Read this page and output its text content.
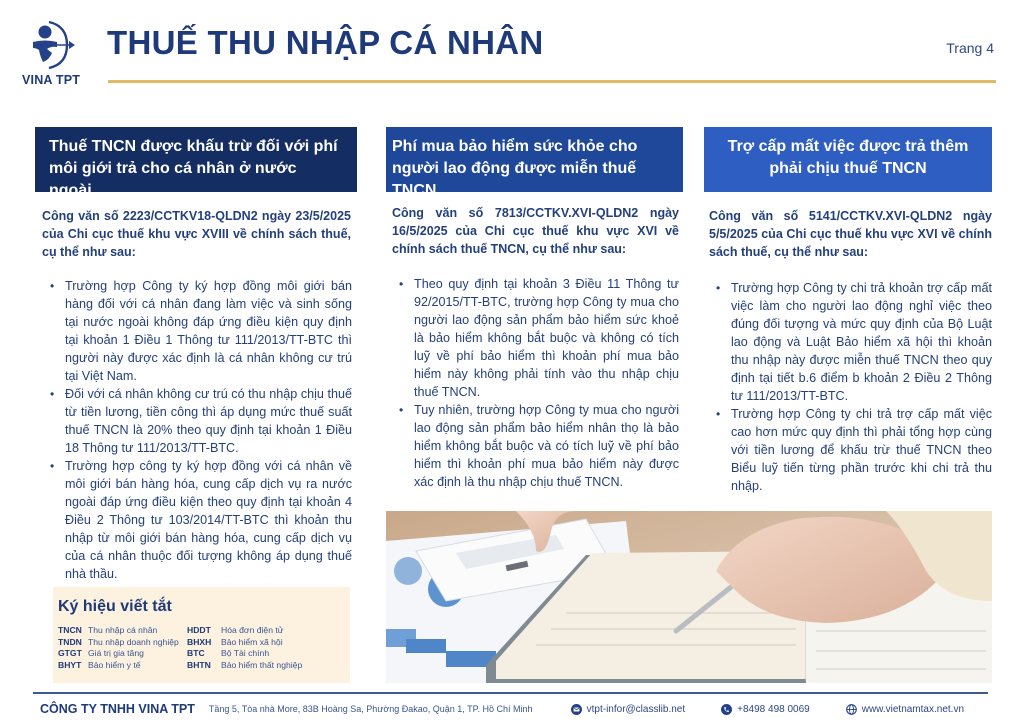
VINA TPT
THUẾ THU NHẬP CÁ NHÂN	Trang 4
Thuế TNCN được khấu trừ đối với phí môi giới trả cho cá nhân ở nước ngoài
Công văn số 2223/CCTKV18-QLDN2 ngày 23/5/2025 của Chi cục thuế khu vực XVIII về chính sách thuế, cụ thể như sau:
• Trường hợp Công ty ký hợp đồng môi giới bán hàng đối với cá nhân đang làm việc và sinh sống tại nước ngoài không đáp ứng điều kiện quy định tại khoản 1 Điều 1 Thông tư 111/2013/TT-BTC thì người này được xác định là cá nhân không cư trú tại Việt Nam.
• Đối với cá nhân không cư trú có thu nhập chịu thuế từ tiền lương, tiền công thì áp dụng mức thuế suất thuế TNCN là 20% theo quy định tại khoản 1 Điều 18 Thông tư 111/2013/TT-BTC.
• Trường hợp công ty ký hợp đồng với cá nhân về môi giới bán hàng hóa, cung cấp dịch vụ ra nước ngoài đáp ứng điều kiện theo quy định tại khoản 4 Điều 2 Thông tư 103/2014/TT-BTC thì khoản thu nhập từ môi giới bán hàng hóa, cung cấp dịch vụ của cá nhân thuộc đối tượng không áp dụng thuế nhà thầu.
Phí mua bảo hiểm sức khỏe cho người lao động được miễn thuế TNCN
Công văn số 7813/CCTKV.XVI-QLDN2 ngày 16/5/2025 của Chi cục thuế khu vực XVI về chính sách thuế TNCN, cụ thể như sau:
• Theo quy định tại khoản 3 Điều 11 Thông tư 92/2015/TT-BTC, trường hợp Công ty mua cho người lao động sản phẩm bảo hiểm sức khoẻ là bảo hiểm không bắt buộc và không có tích luỹ về phí bảo hiểm thì khoản phí mua bảo hiểm này không phải tính vào thu nhập chịu thuế TNCN.
• Tuy nhiên, trường hợp Công ty mua cho người lao động sản phẩm bảo hiểm nhân thọ là bảo hiểm không bắt buộc và có tích luỹ về phí bảo hiểm thì khoản phí mua bảo hiểm này được xác định là thu nhập chịu thuế TNCN.
Trợ cấp mất việc được trả thêm phải chịu thuế TNCN
Công văn số 5141/CCTKV.XVI-QLDN2 ngày 5/5/2025 của Chi cục thuế khu vực XVI về chính sách thuế, cụ thể như sau:
• Trường hợp Công ty chi trả khoản trợ cấp mất việc làm cho người lao động nghỉ việc theo đúng đối tượng và mức quy định của Bộ Luật lao động và Luật Bảo hiểm xã hội thì khoản thu nhập này được miễn thuế TNCN theo quy định tại tiết b.6 điểm b khoản 2 Điều 2 Thông tư 111/2013/TT-BTC.
• Trường hợp Công ty chi trả trợ cấp mất việc cao hơn mức quy định thì phải tổng hợp cùng với tiền lương để khấu trừ thuế TNCN theo Biểu luỹ tiến từng phần trước khi chi trả thu nhập.
Ký hiệu viết tắt
TNCN Thu nhập cá nhân	HDDT	Hóa đơn điện tử
TNDN Thu nhập doanh nghiệp BHXH	Bảo hiểm xã hội
GTGT Giá trị gia tăng	BTC	Bộ Tài chính
BHYT Bảo hiểm y tế	BHTN	Bảo hiểm thất nghiệp
CÔNG TY TNHH VINA TPT Tầng 5, Tòa nhà More, 83B Hoàng Sa, Phường Đakao, Quận 1, TP. Hồ Chí Minh	vtpt-infor@classlib.net	+8498 498 0069	www.vietnamtax.net.vn
